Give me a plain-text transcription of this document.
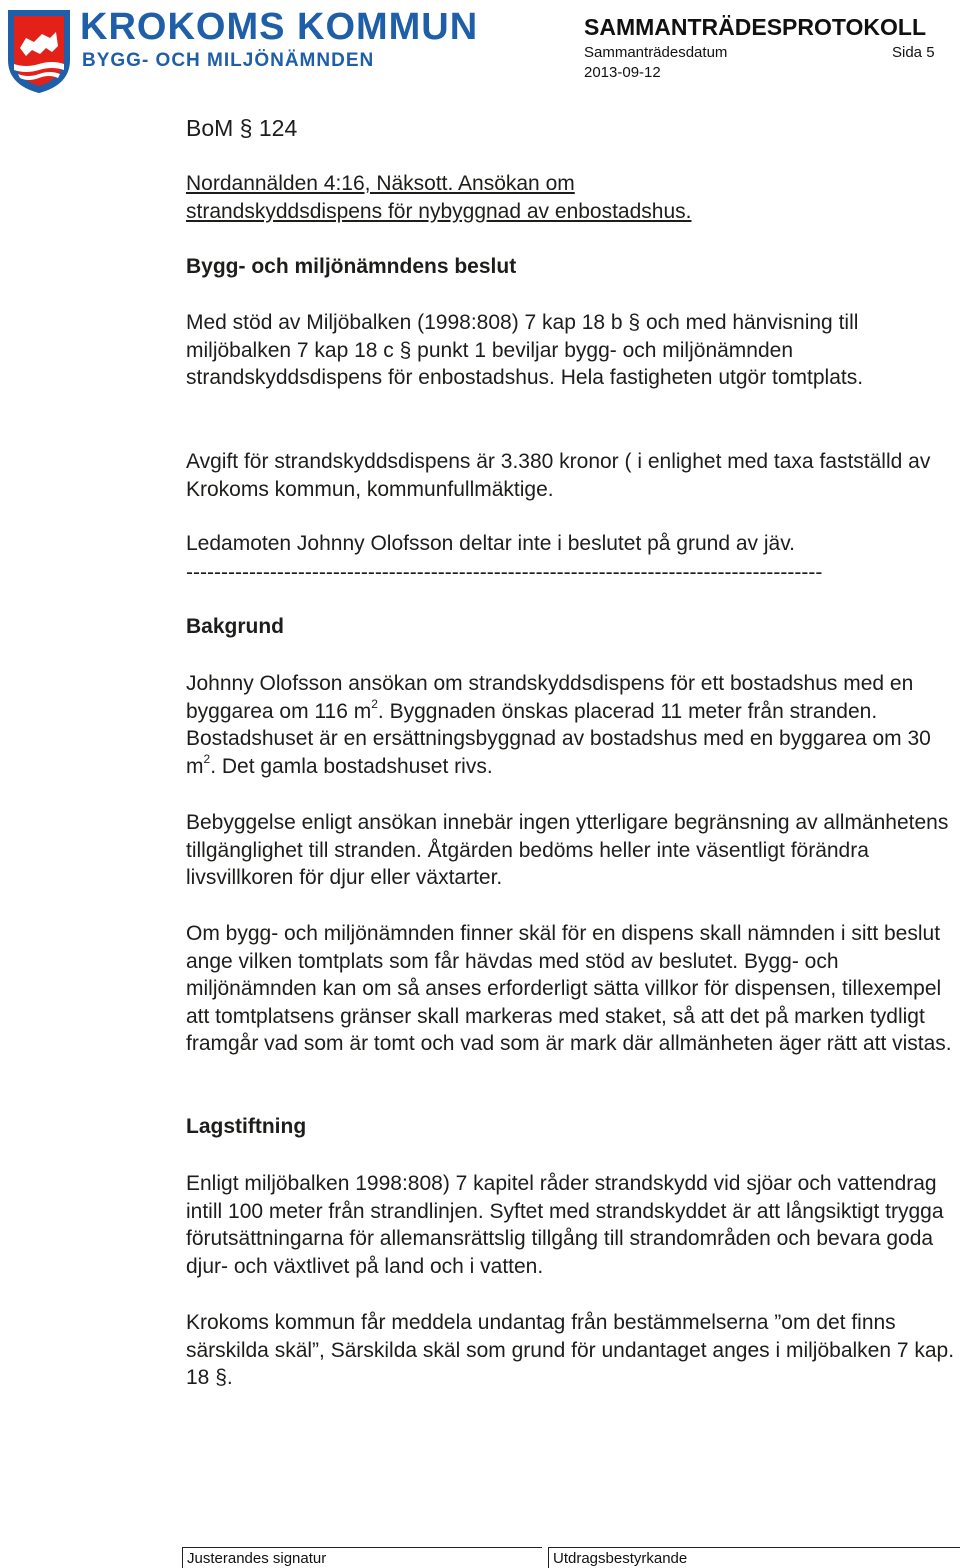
KROKOMS KOMMUN
BYGG- OCH MILJÖNÄMNDEN
SAMMANTRÄDESPROTOKOLL
Sammanträdesdatum	Sida 5
2013-09-12
BoM § 124
Nordannälden 4:16, Näksott. Ansökan om
strandskyddsdispens för nybyggnad av enbostadshus.
Bygg- och miljönämndens beslut

Med stöd av Miljöbalken (1998:808) 7 kap 18 b § och med hänvisning till miljöbalken 7 kap 18 c § punkt 1 beviljar bygg- och miljönämnden strandskyddsdispens för enbostadshus. Hela fastigheten utgör tomtplats.

Avgift för strandskyddsdispens är 3.380 kronor ( i enlighet med taxa fastställd av Krokoms kommun, kommunfullmäktige.

Ledamoten Johnny Olofsson deltar inte i beslutet på grund av jäv.

-------------------------------------------------------------------------------------------
Bakgrund

Johnny Olofsson ansökan om strandskyddsdispens för ett bostadshus med en byggarea om 116 $m^2$. Byggnaden önskas placerad 11 meter från stranden. Bostadshuset är en ersättningsbyggnad av bostadshus med en byggarea om 30 $m^2$. Det gamla bostadshuset rivs.

Bebyggelse enligt ansökan innebär ingen ytterligare begränsning av allmänhetens tillgänglighet till stranden. Åtgärden bedöms heller inte väsentligt förändra livsvillkoren för djur eller växtarter.

Om bygg- och miljönämnden finner skäl för en dispens skall nämnden i sitt beslut ange vilken tomtplats som får hävdas med stöd av beslutet. Bygg- och miljönämnden kan om så anses erforderligt sätta villkor för dispensen, tillexempel att tomtplatsens gränser skall markeras med staket, så att det på marken tydligt framgår vad som är tomt och vad som är mark där allmänheten äger rätt att vistas.

Lagstiftning

Enligt miljöbalken 1998:808) 7 kapitel råder strandskydd vid sjöar och vattendrag intill 100 meter från strandlinjen. Syftet med strandskyddet är att långsiktigt trygga förutsättningarna för allemansrättslig tillgång till strandområden och bevara goda djur- och växtlivet på land och i vatten.

Krokoms kommun får meddela undantag från bestämmelserna ”om det finns särskilda skäl”, Särskilda skäl som grund för undantaget anges i miljöbalken 7 kap. 18 §.

Justerandes signatur	Utdragsbestyrkande
